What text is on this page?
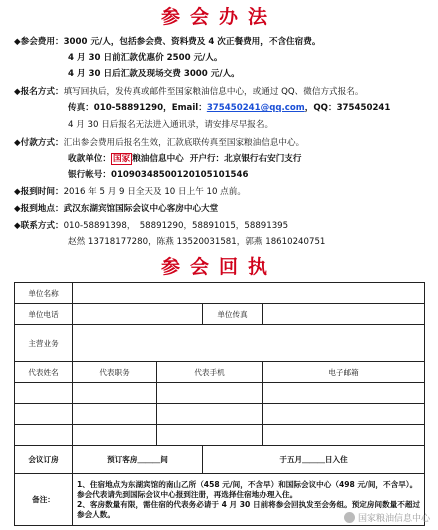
参会办法
◆参会费用：3000 元/人，包括参会费、资料费及 4 次正餐费用，不含住宿费。
4 月 30 日前汇款优惠价 2500 元/人。
4 月 30 日后汇款及现场交费 3000 元/人。
◆报名方式：填写回执后，发传真或邮件至国家粮油信息中心，或通过 QQ、微信方式报名。
传真：010-58891290，Email：375450241@qq.com，QQ：375450241
4 月 30 日后报名无法进入通讯录，请安排尽早报名。
◆付款方式：汇出参会费用后报名生效，汇款底联传真至国家粮油信息中心。
收款单位： 国家 粮油信息中心 开户行：北京银行右安门支行
银行帐号：01090348500120105101546
◆报到时间：2016 年 5 月 9 日全天及 10 日上午 10 点前。
◆报到地点：武汉东湖宾馆国际会议中心客房中心大堂
◆联系方式：010-58891398，　58891290，58891015，58891395
赵然 13718177280，陈燕 13520031581，郭燕 18610240751
参会回执
单位名称				
单位电话			单位传真	
主营业务				
代表姓名	代表职务	代表手机		电子邮箱

会议订房	预订客房＿＿＿间		于五月＿＿＿日入住	
备注：	1、住宿地点为东湖宾馆的南山乙所（458 元/间，不含早）和国际会议中心（498 元/间，不含早）。参会代表请先到国际会议中心报到注册，再选择住宿地办理入住。
2、客房数量有限，需住宿的代表务必请于 4 月 30 日前将参会回执发至会务组。预定房间数量不超过参会人数。				国家粮油信息中心
